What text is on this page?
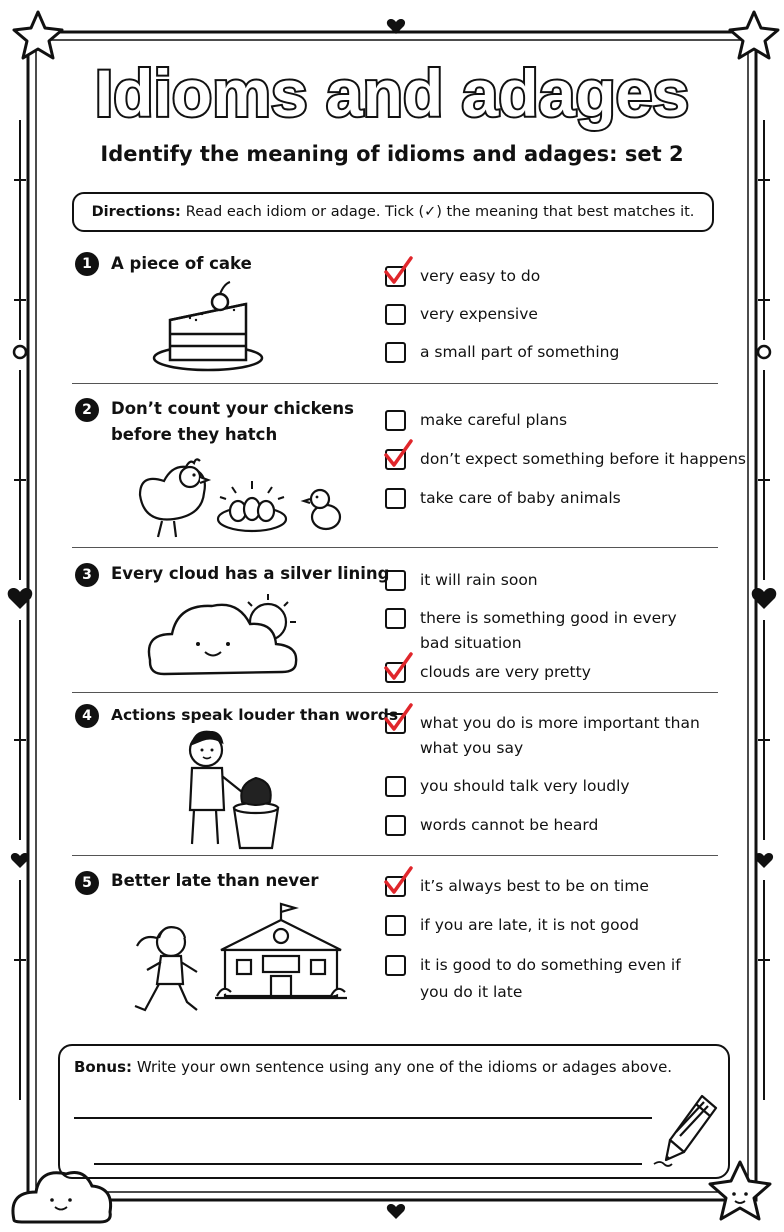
Idioms and adages
Identify the meaning of idioms and adages: set 2
Directions: Read each idiom or adage. Tick (✓) the meaning that best matches it.
1	A piece of cake
very easy to do
very expensive
a small part of something
2	Don’t count your chickens
before they hatch
make careful plans
don’t expect something before it happens
take care of baby animals
3	Every cloud has a silver lining it will rain soon
there is something good in every
bad situation
clouds are very pretty
4	Actions speak louder than words what you do is more important than
what you say
you should talk very loudly
words cannot be heard
5	Better late than never	it’s always best to be on time
if you are late, it is not good
it is good to do something even if
you do it late
Bonus: Write your own sentence using any one of the idioms or adages above.
